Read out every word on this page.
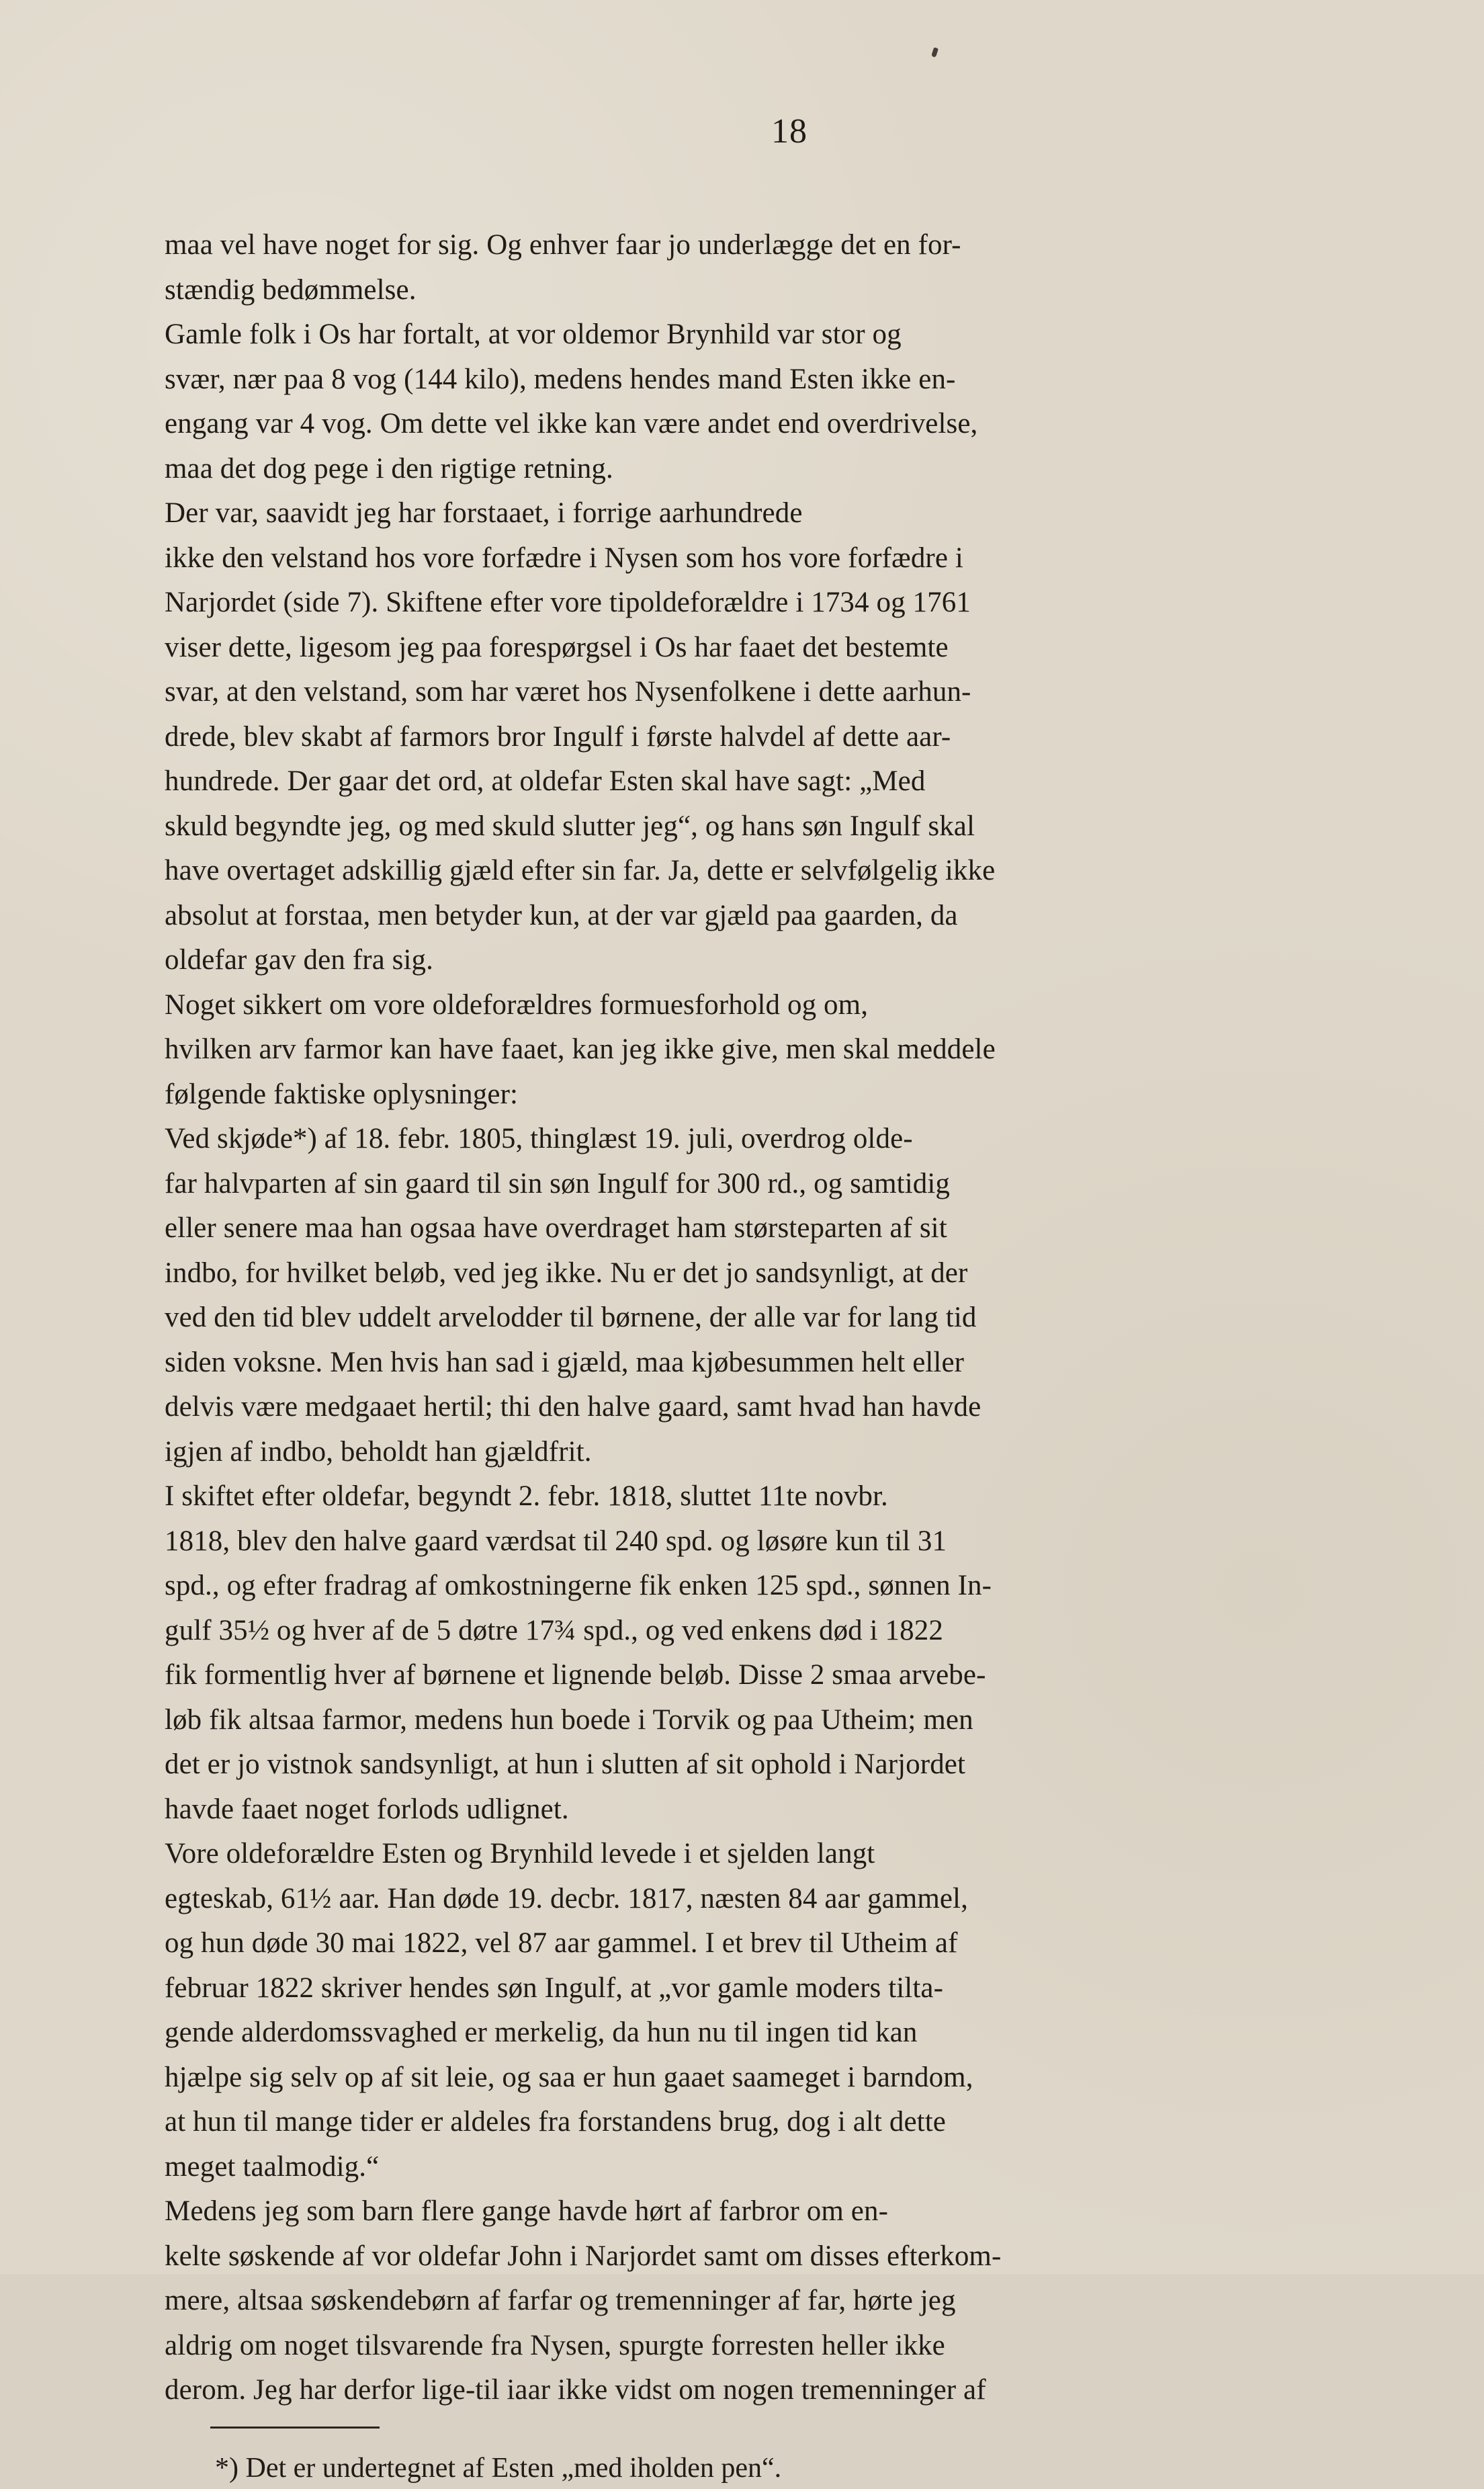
18

maa vel have noget for sig. Og enhver faar jo underlægge det en for-
stændig bedømmelse.

Gamle folk i Os har fortalt, at vor oldemor Brynhild var stor og
svær, nær paa 8 vog (144 kilo), medens hendes mand Esten ikke en-
engang var 4 vog. Om dette vel ikke kan være andet end overdrivelse,
maa det dog pege i den rigtige retning.

Der var, saavidt jeg har forstaaet, i forrige aarhundrede
ikke den velstand hos vore forfædre i Nysen som hos vore forfædre i
Narjordet (side 7). Skiftene efter vore tipoldeforældre i 1734 og 1761
viser dette, ligesom jeg paa forespørgsel i Os har faaet det bestemte
svar, at den velstand, som har været hos Nysenfolkene i dette aarhun-
drede, blev skabt af farmors bror Ingulf i første halvdel af dette aar-
hundrede. Der gaar det ord, at oldefar Esten skal have sagt: „Med
skuld begyndte jeg, og med skuld slutter jeg“, og hans søn Ingulf skal
have overtaget adskillig gjæld efter sin far. Ja, dette er selvfølgelig ikke
absolut at forstaa, men betyder kun, at der var gjæld paa gaarden, da
oldefar gav den fra sig.

Noget sikkert om vore oldeforældres formuesforhold og om,
hvilken arv farmor kan have faaet, kan jeg ikke give, men skal meddele
følgende faktiske oplysninger:

Ved skjøde*) af 18. febr. 1805, thinglæst 19. juli, overdrog olde-
far halvparten af sin gaard til sin søn Ingulf for 300 rd., og samtidig
eller senere maa han ogsaa have overdraget ham størsteparten af sit
indbo, for hvilket beløb, ved jeg ikke. Nu er det jo sandsynligt, at der
ved den tid blev uddelt arvelodder til børnene, der alle var for lang tid
siden voksne. Men hvis han sad i gjæld, maa kjøbesummen helt eller
delvis være medgaaet hertil; thi den halve gaard, samt hvad han havde
igjen af indbo, beholdt han gjældfrit.

I skiftet efter oldefar, begyndt 2. febr. 1818, sluttet 11te novbr.
1818, blev den halve gaard værdsat til 240 spd. og løsøre kun til 31
spd., og efter fradrag af omkostningerne fik enken 125 spd., sønnen In-
gulf 35½ og hver af de 5 døtre 17¾ spd., og ved enkens død i 1822
fik formentlig hver af børnene et lignende beløb. Disse 2 smaa arvebe-
løb fik altsaa farmor, medens hun boede i Torvik og paa Utheim; men
det er jo vistnok sandsynligt, at hun i slutten af sit ophold i Narjordet
havde faaet noget forlods udlignet.

Vore oldeforældre Esten og Brynhild levede i et sjelden langt
egteskab, 61½ aar. Han døde 19. decbr. 1817, næsten 84 aar gammel,
og hun døde 30 mai 1822, vel 87 aar gammel. I et brev til Utheim af
februar 1822 skriver hendes søn Ingulf, at „vor gamle moders tilta-
gende alderdomssvaghed er merkelig, da hun nu til ingen tid kan
hjælpe sig selv op af sit leie, og saa er hun gaaet saameget i barndom,
at hun til mange tider er aldeles fra forstandens brug, dog i alt dette
meget taalmodig.“

Medens jeg som barn flere gange havde hørt af farbror om en-
kelte søskende af vor oldefar John i Narjordet samt om disses efterkom-
mere, altsaa søskendebørn af farfar og tremenninger af far, hørte jeg
aldrig om noget tilsvarende fra Nysen, spurgte forresten heller ikke
derom. Jeg har derfor lige-til iaar ikke vidst om nogen tremenninger af

*) Det er undertegnet af Esten „med iholden pen“.
